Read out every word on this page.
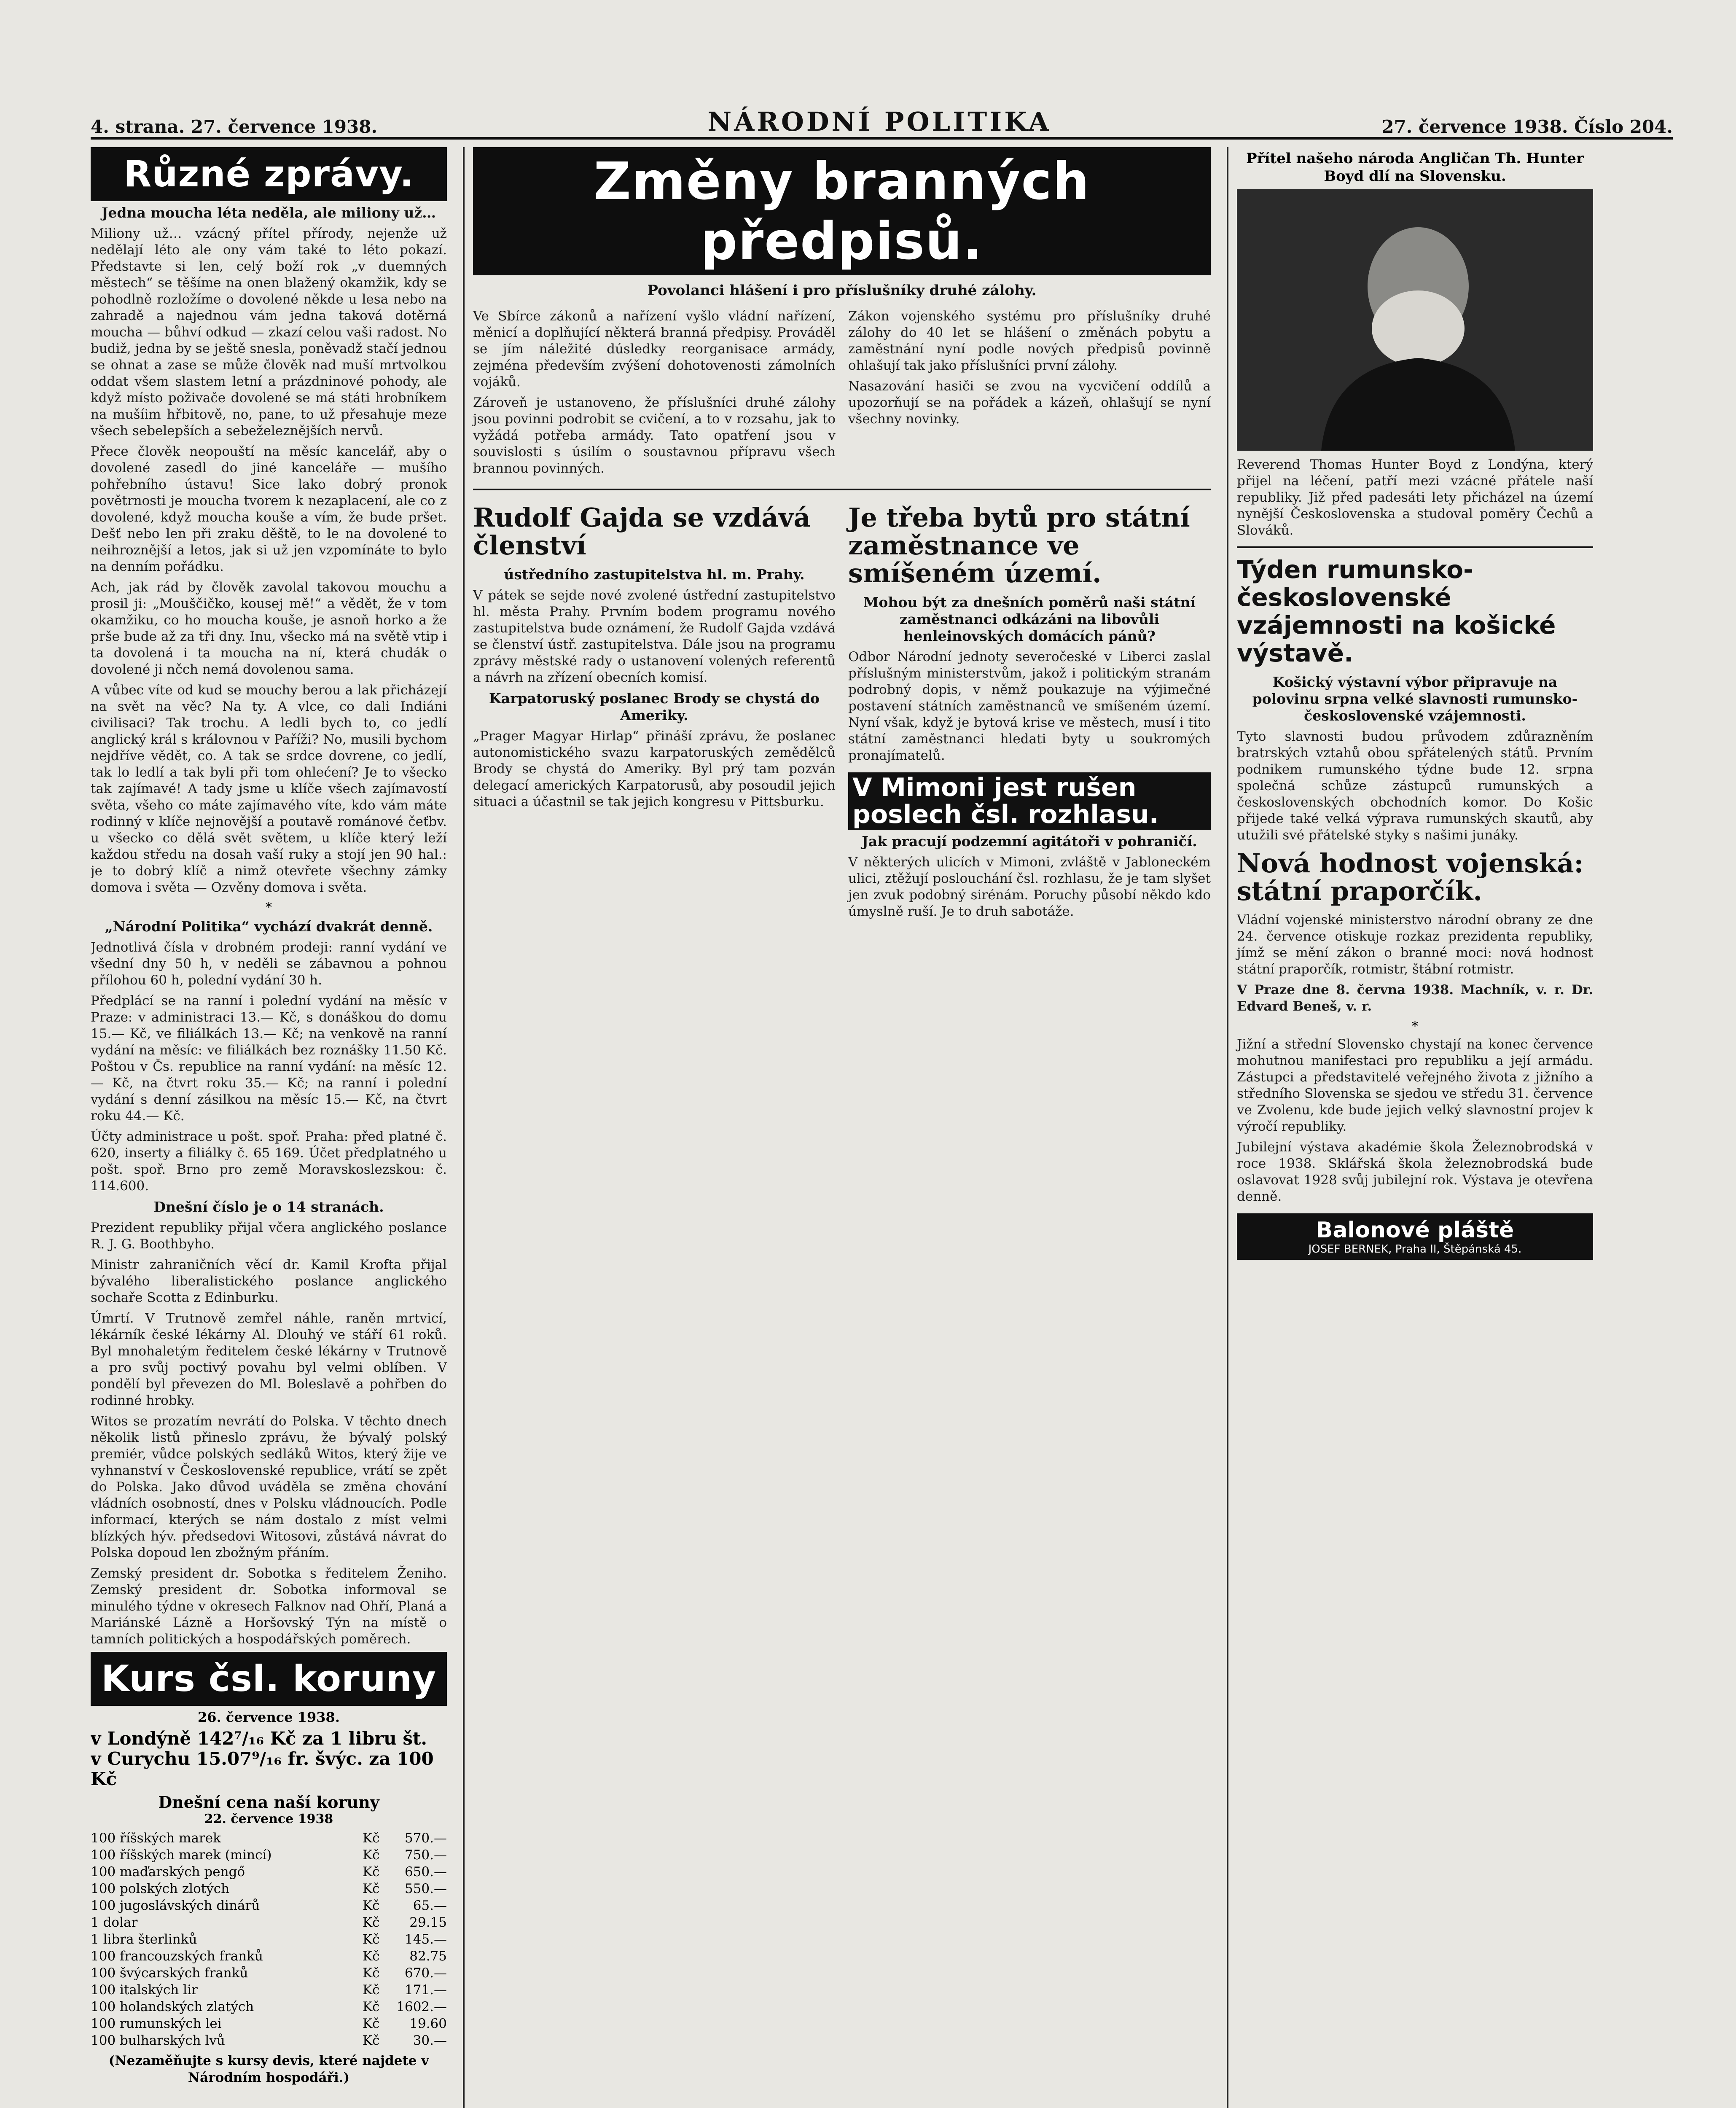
4. strana. 27. července 1938.	NÁRODNÍ POLITIKA	27. července 1938. Číslo 204.
Různé zprávy.
Jedna moucha léta neděla, ale miliony už…

Miliony už… vzácný přítel přírody, nejenže už nedělají léto ale ony vám také to léto pokazí. Představte si len, celý boží rok „v duemných městech“ se těšíme na onen blažený okamžik, kdy se pohodlně rozložíme o dovolené někde u lesa nebo na zahradě a najednou vám jedna taková dotěrná moucha — bůhví odkud — zkazí celou vaši radost. No budiž, jedna by se ještě snesla, poněvadž stačí jednou se ohnat a zase se může člověk nad muší mrtvolkou oddat všem slastem letní a prázdninové pohody, ale když místo poživače dovolené se má státi hrobníkem na mušíim hřbitově, no, pane, to už přesahuje meze všech sebelepších a sebeželeznějších nervů.

Přece člověk neopouští na měsíc kancelář, aby o dovolené zasedl do jiné kanceláře — mušího pohřebního ústavu! Sice lako dobrý pronok povětrnosti je moucha tvorem k nezaplacení, ale co z dovolené, když moucha kouše a vím, že bude pršet. Dešť nebo len při zraku děště, to le na dovolené to neihroznější a letos, jak si už jen vzpomínáte to bylo na denním pořádku.

Ach, jak rád by člověk zavolal takovou mouchu a prosil ji: „Mouščičko, kousej mě!“ a vědět, že v tom okamžiku, co ho moucha kouše, je asnoň horko a že prše bude až za tři dny. Inu, všecko má na světě vtip i ta dovolená i ta moucha na ní, která chudák o dovolené ji nčch nemá dovolenou sama.

A vůbec víte od kud se mouchy berou a lak přicházejí na svět na věc? Na ty. A vlce, co dali Indiáni civilisaci? Tak trochu. A ledli bych to, co jedlí anglický král s královnou v Paříži? No, musili bychom nejdříve vědět, co. A tak se srdce dovrene, co jedlí, tak lo ledlí a tak byli při tom ohlećení? Je to všecko tak zajímavé! A tady jsme u klíče všech zajímavostí světa, všeho co máte zajímavého víte, kdo vám máte rodinný v klíče nejnovější a poutavě románové čeťbv. u všecko co dělá svět světem, u klíče který leží každou středu na dosah vaší ruky a stojí jen 90 hal.: je to dobrý klíč a nimž otevřete všechny zámky domova i světa — Ozvěny domova i světa.

*
„Národní Politika“ vychází dvakrát denně.

Jednotlivá čísla v drobném prodeji: ranní vydání ve všední dny 50 h, v neděli se zábavnou a pohnou přílohou 60 h, polední vydání 30 h.

Předplácí se na ranní i polední vydání na měsíc v Praze: v administraci 13.— Kč, s donáškou do domu 15.— Kč, ve filiálkách 13.— Kč; na venkově na ranní vydání na měsíc: ve filiálkách bez roznášky 11.50 Kč. Poštou v Čs. republice na ranní vydání: na měsíc 12.— Kč, na čtvrt roku 35.— Kč; na ranní i polední vydání s denní zásilkou na měsíc 15.— Kč, na čtvrt roku 44.— Kč.

Účty administrace u pošt. spoř. Praha: před platné č. 620, inserty a filiálky č. 65 169. Účet předplatného u pošt. spoř. Brno pro země Moravskoslezskou: č. 114.600.

Dnešní číslo je o 14 stranách.

Prezident republiky přijal včera anglického poslance R. J. G. Boothbyho.

Ministr zahraničních věcí dr. Kamil Krofta přijal bývalého liberalistického poslance anglického sochaře Scotta z Edinburku.

Úmrtí. V Trutnově zemřel náhle, raněn mrtvicí, lékárník české lékárny Al. Dlouhý ve stáří 61 roků. Byl mnohaletým ředitelem české lékárny v Trutnově a pro svůj poctivý povahu byl velmi oblíben. V pondělí byl převezen do Ml. Boleslavě a pohřben do rodinné hrobky.

Witos se prozatím nevrátí do Polska. V těchto dnech několik listů přineslo zprávu, že bývalý polský premiér, vůdce polských sedláků Witos, který žije ve vyhnanství v Československé republice, vrátí se zpět do Polska. Jako důvod uváděla se změna chování vládních osobností, dnes v Polsku vládnoucích. Podle informací, kterých se nám dostalo z míst velmi blízkých hýv. předsedovi Witosovi, zůstává návrat do Polska dopoud len zbožným přáním.

Zemský president dr. Sobotka s ředitelem Ženiho. Zemský president dr. Sobotka informoval se minulého týdne v okresech Falknov nad Ohří, Planá a Mariánské Lázně a Horšovský Týn na místě o tamních politických a hospodářských poměrech.

Kurs čsl. koruny
26. července 1938.
v Londýně 142⁷/₁₆ Kč za 1 libru št.
v Curychu 15.07⁹/₁₆ fr. švýc. za 100 Kč
Dnešní cena naší koruny
22. července 1938
100 říšských marek	Kč	570.—
100 říšských marek (mincí)	Kč	750.—
100 maďarských pengő	Kč	650.—
100 polských zlotých	Kč	550.—
100 jugoslávských dinárů	Kč	65.—
1 dolar	Kč	29.15
1 libra šterlinků	Kč	145.—
100 francouzských franků	Kč	82.75
100 švýcarských franků	Kč	670.—
100 italských lir	Kč	171.—
100 holandských zlatých	Kč	1602.—
100 rumunských lei	Kč	19.60
100 bulharských lvů	Kč	30.—
(Nezaměňujte s kursy devis, které najdete v Národním hospodáři.)
Změny branných předpisů.
Povolanci hlášení i pro příslušníky druhé zálohy.

Ve Sbírce zákonů a nařízení vyšlo vládní nařízení, měnicí a doplňující některá branná předpisy. Prováděl se jím náležité dúsledky reorganisace armády, zejména především zvýšení dohotovenosti zámolních vojáků.

Zároveň je ustanoveno, že příslušníci druhé zálohy jsou povinni podrobit se cvičení, a to v rozsahu, jak to vyžádá potřeba armády. Tato opatření jsou v souvislosti s úsilím o soustavnou přípravu všech brannou povinných.

Zákon vojenského systému pro příslušníky druhé zálohy do 40 let se hlášení o změnách pobytu a zaměstnání nyní podle nových předpisů povinně ohlašují tak jako příslušníci první zálohy.

Nasazování hasiči se zvou na vycvičení oddílů a upozorňují se na pořádek a kázeň, ohlašují se nyní všechny novinky.

Rudolf Gajda se vzdává členství
ústředního zastupitelstva hl. m. Prahy.

V pátek se sejde nové zvolené ústřední zastupitelstvo hl. města Prahy. Prvním bodem programu nového zastupitelstva bude oznámení, že Rudolf Gajda vzdává se členství ústř. zastupitelstva. Dále jsou na programu zprávy městské rady o ustanovení volených referentů a návrh na zřízení obecních komisí.

Karpatoruský poslanec Brody se chystá do Ameriky.

„Prager Magyar Hirlap“ přináší zprávu, že poslanec autonomistického svazu karpatoruských zemědělců Brody se chystá do Ameriky. Byl prý tam pozván delegací amerických Karpatorusů, aby posoudil jejich situaci a účastnil se tak jejich kongresu v Pittsburku.

Je třeba bytů pro státní zaměstnance ve smíšeném území.
Mohou být za dnešních poměrů naši státní zaměstnanci odkázáni na libovůli henleinovských domácích pánů?

Odbor Národní jednoty severočeské v Liberci zaslal příslušným ministerstvům, jakož i politickým stranám podrobný dopis, v němž poukazuje na výjimečné postavení státních zaměstnanců ve smíšeném území. Nyní však, když je bytová krise ve městech, musí i tito státní zaměstnanci hledati byty u soukromých pronajímatelů.

V Mimoni jest rušen poslech čsl. rozhlasu.
Jak pracují podzemní agitátoři v pohraničí.

V některých ulicích v Mimoni, zvláště v Jabloneckém ulici, ztěžují poslouchání čsl. rozhlasu, že je tam slyšet jen zvuk podobný sirénám. Poruchy působí někdo kdo úmyslně ruší. Je to druh sabotáže.

Přítel našeho národa Angličan Th. Hunter Boyd dlí na Slovensku.

Reverend Thomas Hunter Boyd z Londýna, který přijel na léčení, patří mezi vzácné přátele naší republiky. Již před padesáti lety přicházel na území nynější Československa a studoval poměry Čechů a Slováků.

Týden rumunsko-československé vzájemnosti na košické výstavě.
Košický výstavní výbor připravuje na polovinu srpna velké slavnosti rumunsko-československé vzájemnosti.

Tyto slavnosti budou průvodem zdůrazněním bratrských vztahů obou spřátelených států. Prvním podnikem rumunského týdne bude 12. srpna společná schůze zástupců rumunských a československých obchodních komor. Do Košic přijede také velká výprava rumunských skautů, aby utužili své přátelské styky s našimi junáky.

Nová hodnost vojenská: státní praporčík.

Vládní vojenské ministerstvo národní obrany ze dne 24. července otiskuje rozkaz prezidenta republiky, jímž se mění zákon o branné moci: nová hodnost státní praporčík, rotmistr, štábní rotmistr.

V Praze dne 8. června 1938. Machník, v. r. Dr. Edvard Beneš, v. r.

*

Jižní a střední Slovensko chystají na konec července mohutnou manifestaci pro republiku a její armádu. Zástupci a představitelé veřejného života z jižního a středního Slovenska se sjedou ve středu 31. července ve Zvolenu, kde bude jejich velký slavnostní projev k výročí republiky.

Jubilejní výstava akadémie škola Železnobrodská v roce 1938. Sklářská škola železnobrodská bude oslavovat 1928 svůj jubilejní rok. Výstava je otevřena denně.

Balonové pláště
JOSEF BERNEK, Praha II, Štěpánská 45.
